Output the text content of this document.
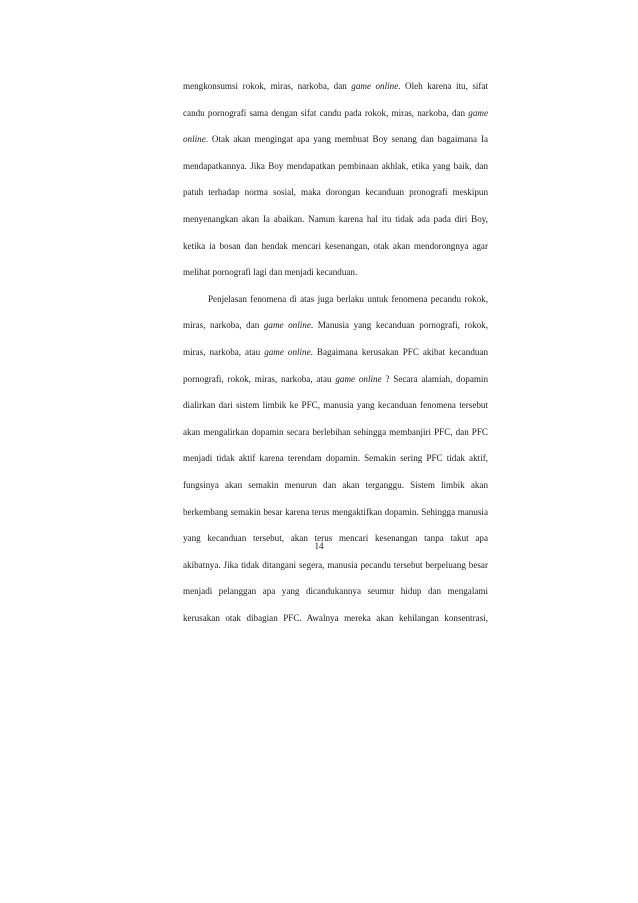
mengkonsumsi rokok, miras, narkoba, dan game online. Oleh karena itu, sifat
candu pornografi sama dengan sifat candu pada rokok, miras, narkoba, dan game
online. Otak akan mengingat apa yang membuat Boy senang dan bagaimana Ia
mendapatkannya. Jika Boy mendapatkan pembinaan akhlak, etika yang baik, dan
patuh terhadap norma sosial, maka dorongan kecanduan pronografi meskipun
menyenangkan akan Ia abaikan. Namun karena hal itu tidak ada pada diri Boy,
ketika ia bosan dan hendak mencari kesenangan, otak akan mendorongnya agar
melihat pornografi lagi dan menjadi kecanduan.
Penjelasan fenomena di atas juga berlaku untuk fenomena pecandu rokok,
miras, narkoba, dan game online. Manusia yang kecanduan pornografi, rokok,
miras, narkoba, atau game online. Bagaimana kerusakan PFC akibat kecanduan
pornografi, rokok, miras, narkoba, atau game online ? Secara alamiah, dopamin
dialirkan dari sistem limbik ke PFC, manusia yang kecanduan fenomena tersebut
akan mengalirkan dopamin secara berlebihan sehingga membanjiri PFC, dan PFC
menjadi tidak aktif karena terendam dopamin. Semakin sering PFC tidak aktif,
fungsinya akan semakin menurun dan akan terganggu. Sistem limbik akan
berkembang semakin besar karena terus mengaktifkan dopamin. Sehingga manusia
yang kecanduan tersebut, akan terus mencari kesenangan tanpa takut apa
akibatnya. Jika tidak ditangani segera, manusia pecandu tersebut berpeluang besar
menjadi pelanggan apa yang dicandukannya seumur hidup dan mengalami
kerusakan otak dibagian PFC. Awalnya mereka akan kehilangan konsentrasi,
14
